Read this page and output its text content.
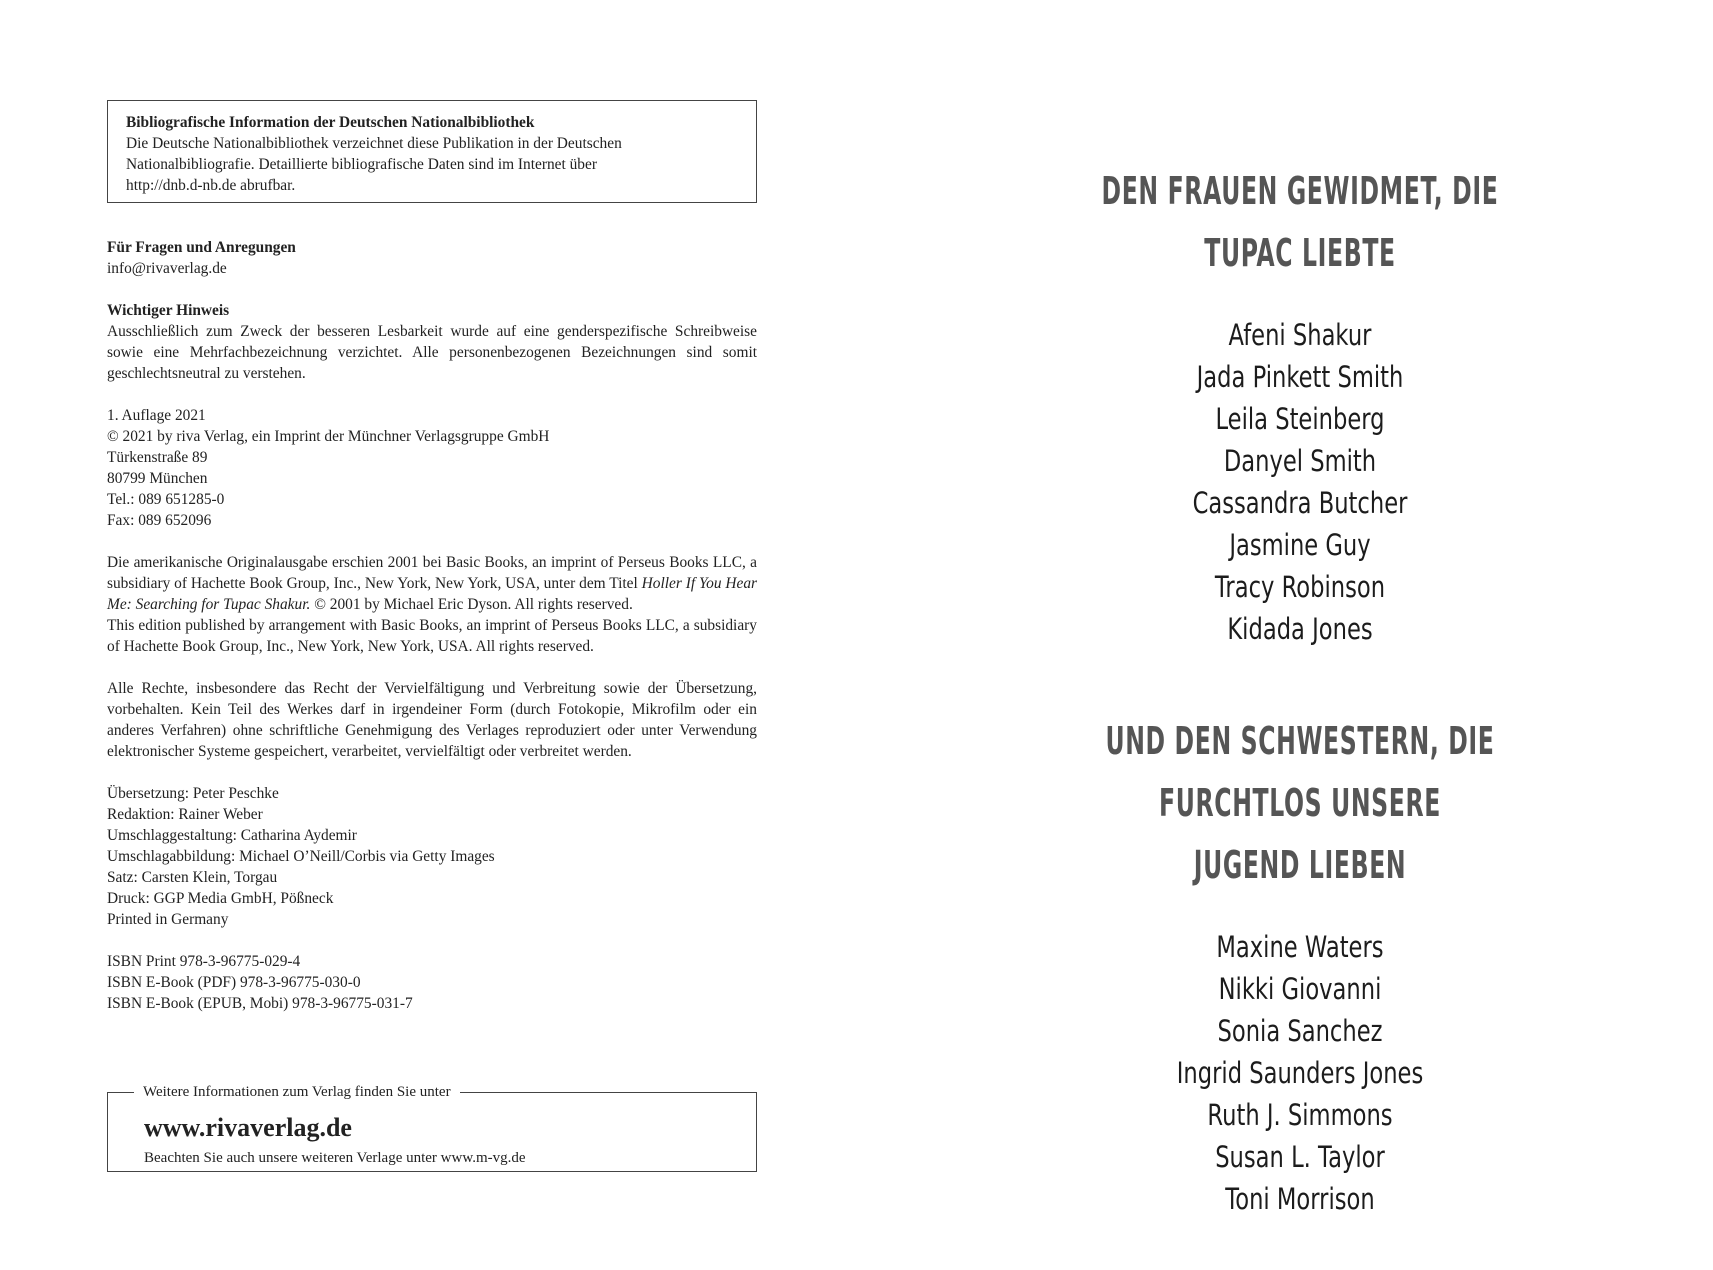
Bibliografische Information der Deutschen Nationalbibliothek
Die Deutsche Nationalbibliothek verzeichnet diese Publikation in der Deutschen
Nationalbibliografie. Detaillierte bibliografische Daten sind im Internet über
http://dnb.d-nb.de abrufbar.
Für Fragen und Anregungen
info@rivaverlag.de
Wichtiger Hinweis
Ausschließlich zum Zweck der besseren Lesbarkeit wurde auf eine genderspezifische Schreibweise sowie eine Mehrfachbezeichnung verzichtet. Alle personenbezogenen Bezeichnungen sind somit geschlechtsneutral zu verstehen.
1. Auflage 2021
© 2021 by riva Verlag, ein Imprint der Münchner Verlagsgruppe GmbH
Türkenstraße 89
80799 München
Tel.: 089 651285-0
Fax: 089 652096
Die amerikanische Originalausgabe erschien 2001 bei Basic Books, an imprint of Perseus Books LLC, a subsidiary of Hachette Book Group, Inc., New York, New York, USA, unter dem Titel Holler If You Hear Me: Searching for Tupac Shakur. © 2001 by Michael Eric Dyson. All rights reserved.
This edition published by arrangement with Basic Books, an imprint of Perseus Books LLC, a subsidiary of Hachette Book Group, Inc., New York, New York, USA. All rights reserved.
Alle Rechte, insbesondere das Recht der Vervielfältigung und Verbreitung sowie der Übersetzung, vorbehalten. Kein Teil des Werkes darf in irgendeiner Form (durch Fotokopie, Mikrofilm oder ein anderes Verfahren) ohne schriftliche Genehmigung des Verlages reproduziert oder unter Verwendung elektronischer Systeme gespeichert, verarbeitet, vervielfältigt oder verbreitet werden.
Übersetzung: Peter Peschke
Redaktion: Rainer Weber
Umschlaggestaltung: Catharina Aydemir
Umschlagabbildung: Michael O’Neill/Corbis via Getty Images
Satz: Carsten Klein, Torgau
Druck: GGP Media GmbH, Pößneck
Printed in Germany
ISBN Print 978-3-96775-029-4
ISBN E-Book (PDF) 978-3-96775-030-0
ISBN E-Book (EPUB, Mobi) 978-3-96775-031-7
Weitere Informationen zum Verlag finden Sie unter
www.rivaverlag.de
Beachten Sie auch unsere weiteren Verlage unter www.m-vg.de
DEN FRAUEN GEWIDMET, DIE TUPAC LIEBTE
Afeni Shakur
Jada Pinkett Smith
Leila Steinberg
Danyel Smith
Cassandra Butcher
Jasmine Guy
Tracy Robinson
Kidada Jones
UND DEN SCHWESTERN, DIE FURCHTLOS UNSERE
JUGEND LIEBEN
Maxine Waters
Nikki Giovanni
Sonia Sanchez
Ingrid Saunders Jones
Ruth J. Simmons
Susan L. Taylor
Toni Morrison
